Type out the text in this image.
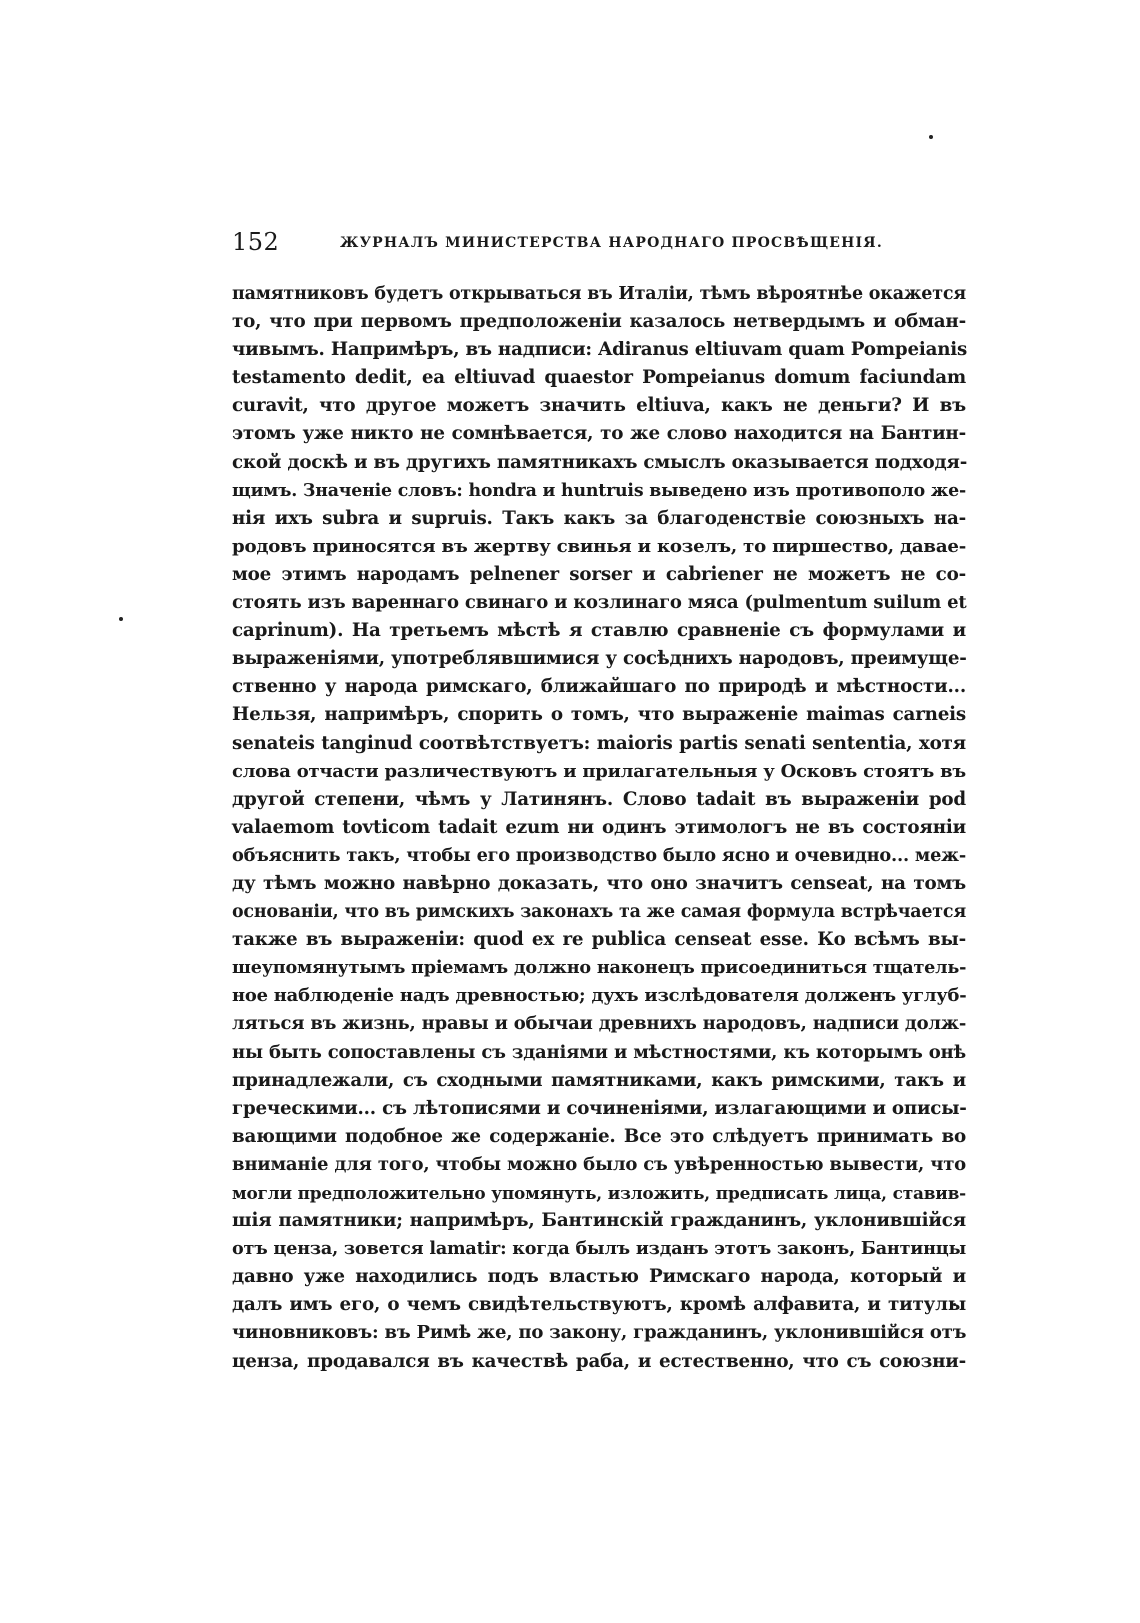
152	ЖУРНАЛЪ МИНИСТЕРСТВА НАРОДНАГО ПРОСВѢЩЕНІЯ.
памятниковъ будетъ открываться въ Италіи, тѣмъ вѣроятнѣе окажется
то, что при первомъ предположеніи казалось нетвердымъ и обман-
чивымъ. Напримѣръ, въ надписи: Adiranus eltiuvam quam Pompeianis
testamento dedit, ea eltiuvad quaestor Pompeianus domum faciundam
curavit, что другое можетъ значить eltiuva, какъ не деньги? И въ
этомъ уже никто не сомнѣвается, то же слово находится на Бантин-
ской доскѣ и въ другихъ памятникахъ смыслъ оказывается подходя-
щимъ. Значеніе словъ: hondra и huntruis выведено изъ противополо же-
нія ихъ subra и supruis. Такъ какъ за благоденствіе союзныхъ на-
родовъ приносятся въ жертву свинья и козелъ, то пиршество, давае-
мое этимъ народамъ pelnener sorser и cabriener не можетъ не со-
стоять изъ вареннаго свинаго и козлинаго мяса (pulmentum suilum et
caprinum). На третьемъ мѣстѣ я ставлю сравненіе съ формулами и
выраженіями, употреблявшимися у сосѣднихъ народовъ, преимуще-
ственно у народа римскаго, ближайшаго по природѣ и мѣстности...
Нельзя, напримѣръ, спорить о томъ, что выраженіе maimas carneis
senateis tanginud соотвѣтствуетъ: maioris partis senati sententia, хотя
слова отчасти различествуютъ и прилагательныя у Осковъ стоятъ въ
другой степени, чѣмъ у Латинянъ. Слово tadait въ выраженіи pod
valaemom tovticom tadait ezum ни одинъ этимологъ не въ состояніи
объяснить такъ, чтобы его производство было ясно и очевидно... меж-
ду тѣмъ можно навѣрно доказать, что оно значитъ censeat, на томъ
основаніи, что въ римскихъ законахъ та же самая формула встрѣчается
также въ выраженіи: quod ex re publica censeat esse. Ко всѣмъ вы-
шеупомянутымъ пріемамъ должно наконецъ присоединиться тщатель-
ное наблюденіе надъ древностью; духъ изслѣдователя долженъ углуб-
ляться въ жизнь, нравы и обычаи древнихъ народовъ, надписи долж-
ны быть сопоставлены съ зданіями и мѣстностями, къ которымъ онѣ
принадлежали, съ сходными памятниками, какъ римскими, такъ и
греческими... съ лѣтописями и сочиненіями, излагающими и описы-
вающими подобное же содержаніе. Все это слѣдуетъ принимать во
вниманіе для того, чтобы можно было съ увѣренностью вывести, что
могли предположительно упомянуть, изложить, предписать лица, ставив-
шія памятники; напримѣръ, Бантинскій гражданинъ, уклонившійся
отъ ценза, зовется lamatir: когда былъ изданъ этотъ законъ, Бантинцы
давно уже находились подъ властью Римскаго народа, который и
далъ имъ его, о чемъ свидѣтельствуютъ, кромѣ алфавита, и титулы
чиновниковъ: въ Римѣ же, по закону, гражданинъ, уклонившійся отъ
ценза, продавался въ качествѣ раба, и естественно, что съ союзни-
